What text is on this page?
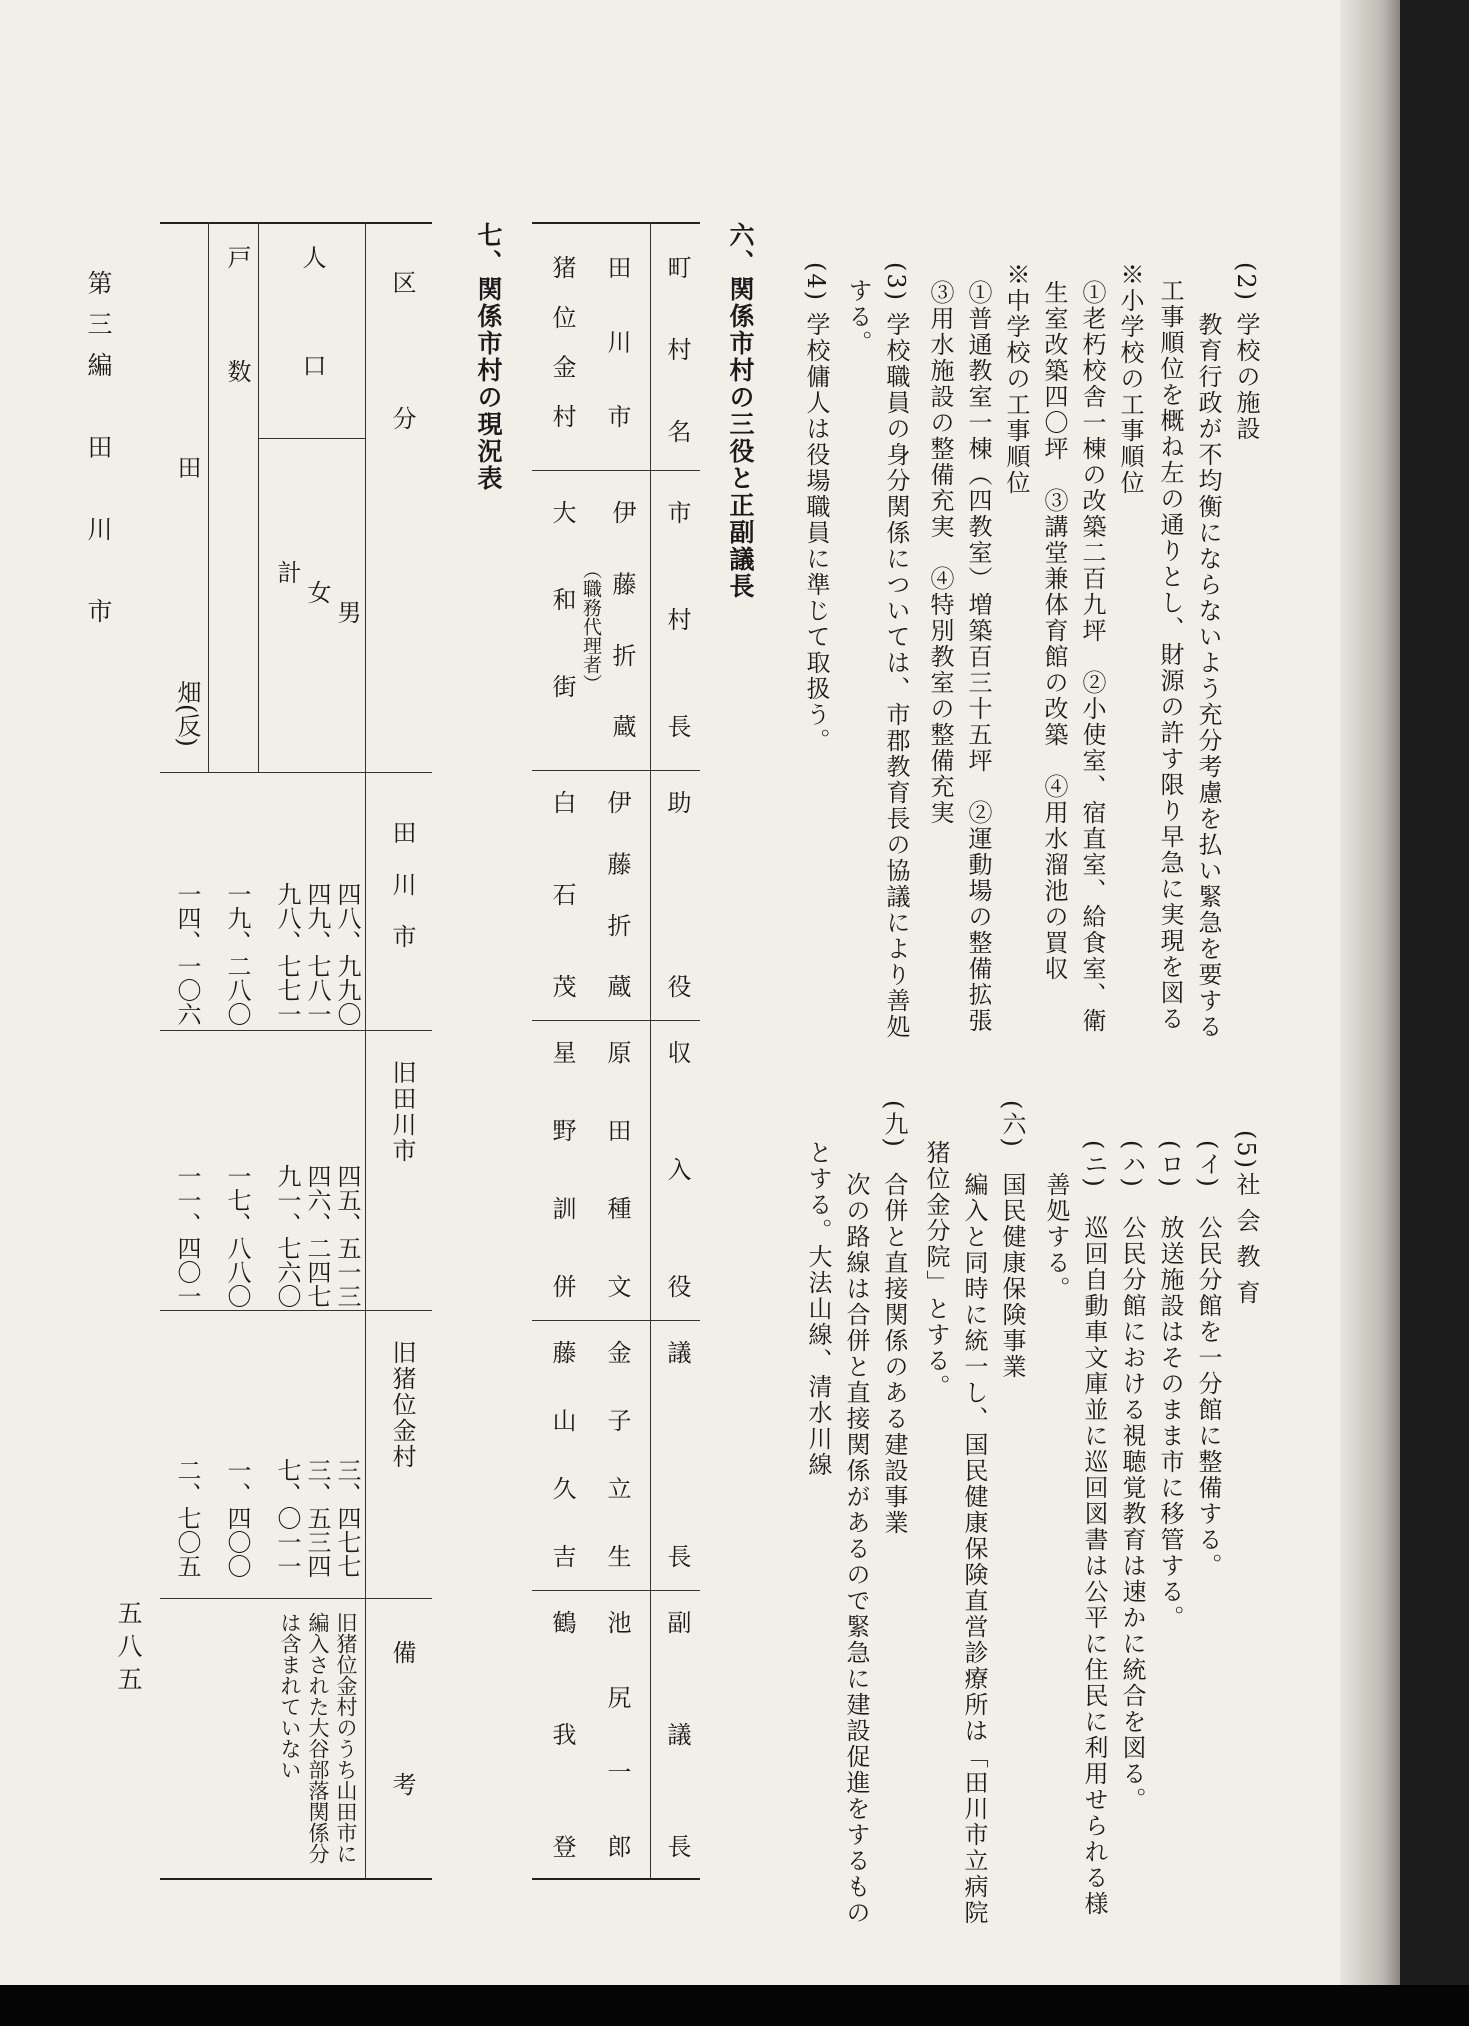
第三編　田　川　市
五八五
(2)
学校の施設
教育行政が不均衡にならないよう充分考慮を払い緊急を要する
工事順位を概ね左の通りとし、財源の許す限り早急に実現を図る
※小学校の工事順位
①老朽校舎一棟の改築二百九坪　②小使室、宿直室、給食室、衛
生室改築四〇坪　③講堂兼体育館の改築　④用水溜池の買収
※中学校の工事順位
①普通教室一棟（四教室）増築百三十五坪　②運動場の整備拡張
③用水施設の整備充実　④特別教室の整備充実
(3)
学校職員の身分関係については、市郡教育長の協議により善処
する。
(4)
学校傭人は役場職員に準じて取扱う。
(5)
社会教育
(イ)　公民分館を一分館に整備する。
(ロ)　放送施設はそのまま市に移管する。
(ハ)　公民分館における視聴覚教育は速かに統合を図る。
(ニ)　巡回自動車文庫並に巡回図書は公平に住民に利用せられる様
善処する。
(六)
国民健康保険事業
編入と同時に統一し、国民健康保険直営診療所は「田川市立病院
猪位金分院」とする。
(九)
合併と直接関係のある建設事業
次の路線は合併と直接関係があるので緊急に建設促進をするもの
とする。大法山線、清水川線
六、関係市村の三役と正副議長
町村名
市村長
助役
収入役
議長
副議長
田川市
伊藤折蔵
（職務代理者）
伊藤折蔵
原田種文
金子立生
池尻一郎
猪位金村
大和街
白石茂
星野訓併
藤山久吉
鶴我登
七、関係市村の現況表
区　　　分
田　川　市
旧田川市
旧猪位金村
備　　考
人　口
男
女
計
戸　　数
田
畑(反)
四八、九九〇
四九、七八一
九八、七七一
一九、二八〇
一四、一〇六
四五、五一三
四六、二四七
九一、七六〇
一七、八八〇
一一、四〇一
三、四七七
三、五三四
七、〇一一
一、四〇〇
二、七〇五
旧猪位金村のうち山田市に
編入された大谷部落関係分
は含まれていない
